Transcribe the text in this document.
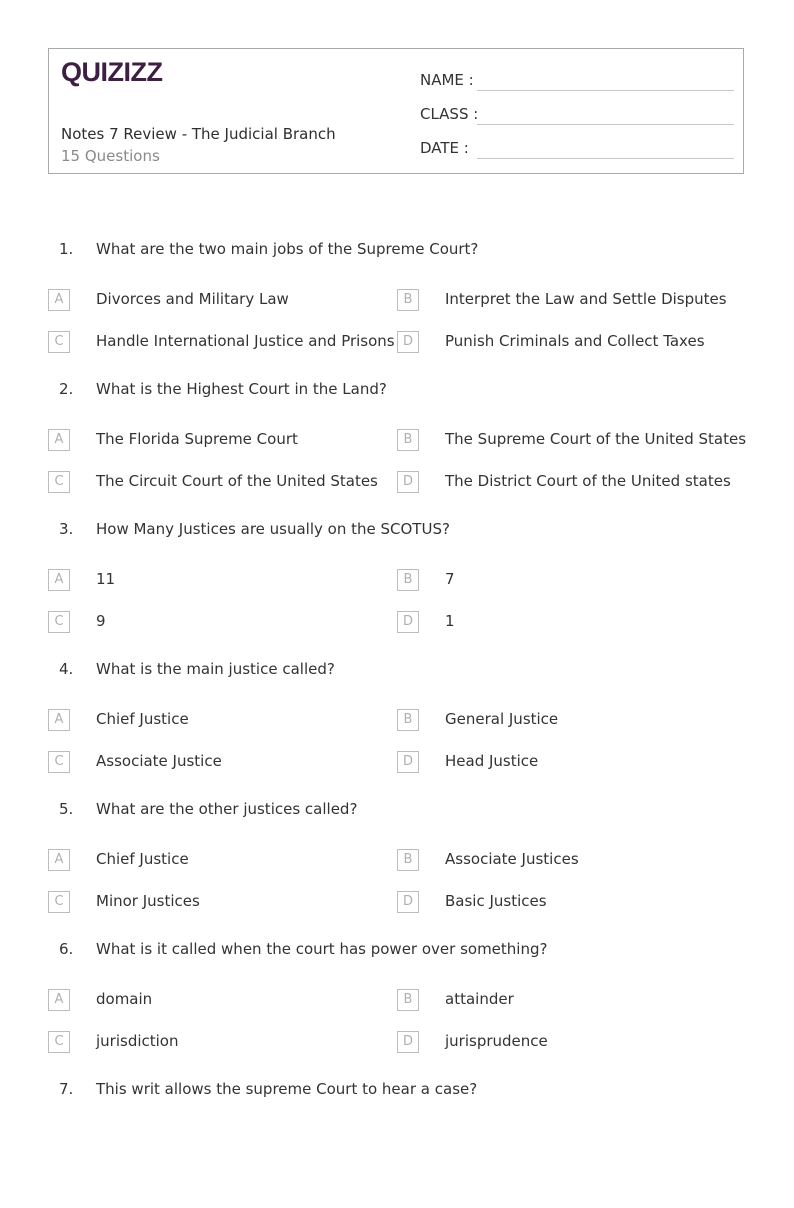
QUIZIZZ
Notes 7 Review - The Judicial Branch
15 Questions
NAME :
CLASS :
DATE :
1. What are the two main jobs of the Supreme Court?
A	Divorces and Military Law	B	Interpret the Law and Settle Disputes
C	Handle International Justice and Prisons D	Punish Criminals and Collect Taxes
2. What is the Highest Court in the Land?
A	The Florida Supreme Court	B	The Supreme Court of the United States
C	The Circuit Court of the United States	D	The District Court of the United states
3. How Many Justices are usually on the SCOTUS?
A	11	B	7
C	9	D	1
4. What is the main justice called?
A	Chief Justice	B	General Justice
C	Associate Justice	D	Head Justice
5. What are the other justices called?
A	Chief Justice	B	Associate Justices
C	Minor Justices	D	Basic Justices
6. What is it called when the court has power over something?
A	domain	B	attainder
C	jurisdiction	D	jurisprudence
7. This writ allows the supreme Court to hear a case?
